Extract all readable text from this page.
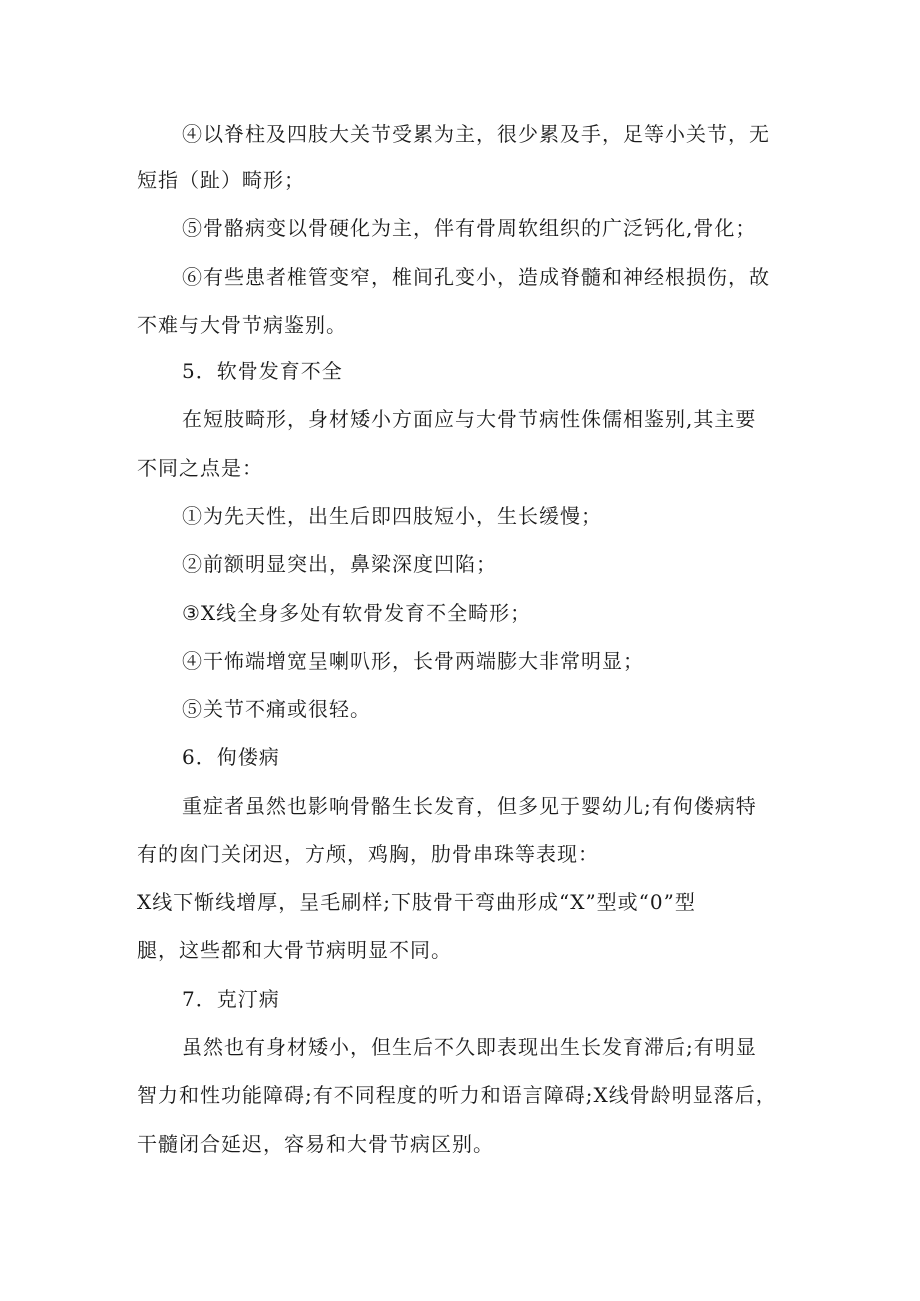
④以脊柱及四肢大关节受累为主，很少累及手，足等小关节，无
短指（趾）畸形；
⑤骨骼病变以骨硬化为主，伴有骨周软组织的广泛钙化,骨化；
⑥有些患者椎管变窄，椎间孔变小，造成脊髓和神经根损伤，故
不难与大骨节病鉴别。
5．软骨发育不全
在短肢畸形，身材矮小方面应与大骨节病性侏儒相鉴别,其主要
不同之点是：
①为先天性，出生后即四肢短小，生长缓慢；
②前额明显突出，鼻梁深度凹陷；
③X线全身多处有软骨发育不全畸形；
④干怖端增宽呈喇叭形，长骨两端膨大非常明显；
⑤关节不痛或很轻。
6．佝偻病
重症者虽然也影响骨骼生长发育，但多见于婴幼儿;有佝偻病特
有的囱门关闭迟，方颅，鸡胸，肋骨串珠等表现：
X线下惭线增厚，呈毛刷样;下肢骨干弯曲形成“X”型或“0”型
腿，这些都和大骨节病明显不同。
7．克汀病
虽然也有身材矮小，但生后不久即表现出生长发育滞后;有明显
智力和性功能障碍;有不同程度的听力和语言障碍;X线骨龄明显落后，
干髓闭合延迟，容易和大骨节病区别。
